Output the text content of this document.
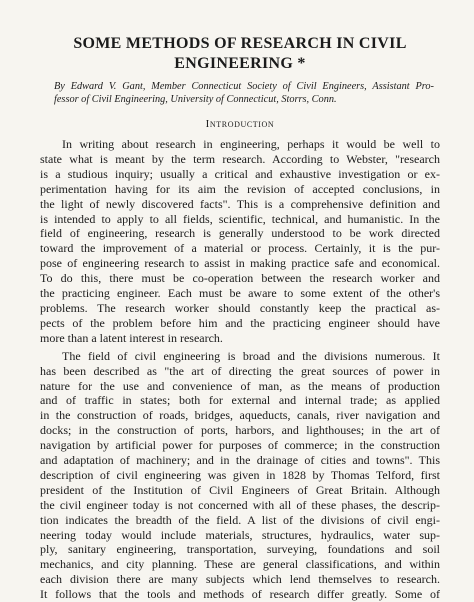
SOME METHODS OF RESEARCH IN CIVIL
ENGINEERING *
By Edward V. Gant, Member Connecticut Society of Civil Engineers, Assistant Pro-
fessor of Civil Engineering, University of Connecticut, Storrs, Conn.
Introduction
In writing about research in engineering, perhaps it would be well to
state what is meant by the term research. According to Webster, "research
is a studious inquiry; usually a critical and exhaustive investigation or ex-
perimentation having for its aim the revision of accepted conclusions, in
the light of newly discovered facts". This is a comprehensive definition and
is intended to apply to all fields, scientific, technical, and humanistic. In the
field of engineering, research is generally understood to be work directed
toward the improvement of a material or process. Certainly, it is the pur-
pose of engineering research to assist in making practice safe and economical.
To do this, there must be co-operation between the research worker and
the practicing engineer. Each must be aware to some extent of the other's
problems. The research worker should constantly keep the practical as-
pects of the problem before him and the practicing engineer should have
more than a latent interest in research.
The field of civil engineering is broad and the divisions numerous. It
has been described as "the art of directing the great sources of power in
nature for the use and convenience of man, as the means of production
and of traffic in states; both for external and internal trade; as applied
in the construction of roads, bridges, aqueducts, canals, river navigation and
docks; in the construction of ports, harbors, and lighthouses; in the art of
navigation by artificial power for purposes of commerce; in the construction
and adaptation of machinery; and in the drainage of cities and towns". This
description of civil engineering was given in 1828 by Thomas Telford, first
president of the Institution of Civil Engineers of Great Britain. Although
the civil engineer today is not concerned with all of these phases, the descrip-
tion indicates the breadth of the field. A list of the divisions of civil engi-
neering today would include materials, structures, hydraulics, water sup-
ply, sanitary engineering, transportation, surveying, foundations and soil
mechanics, and city planning. These are general classifications, and within
each division there are many subjects which lend themselves to research.
It follows that the tools and methods of research differ greatly. Some of
